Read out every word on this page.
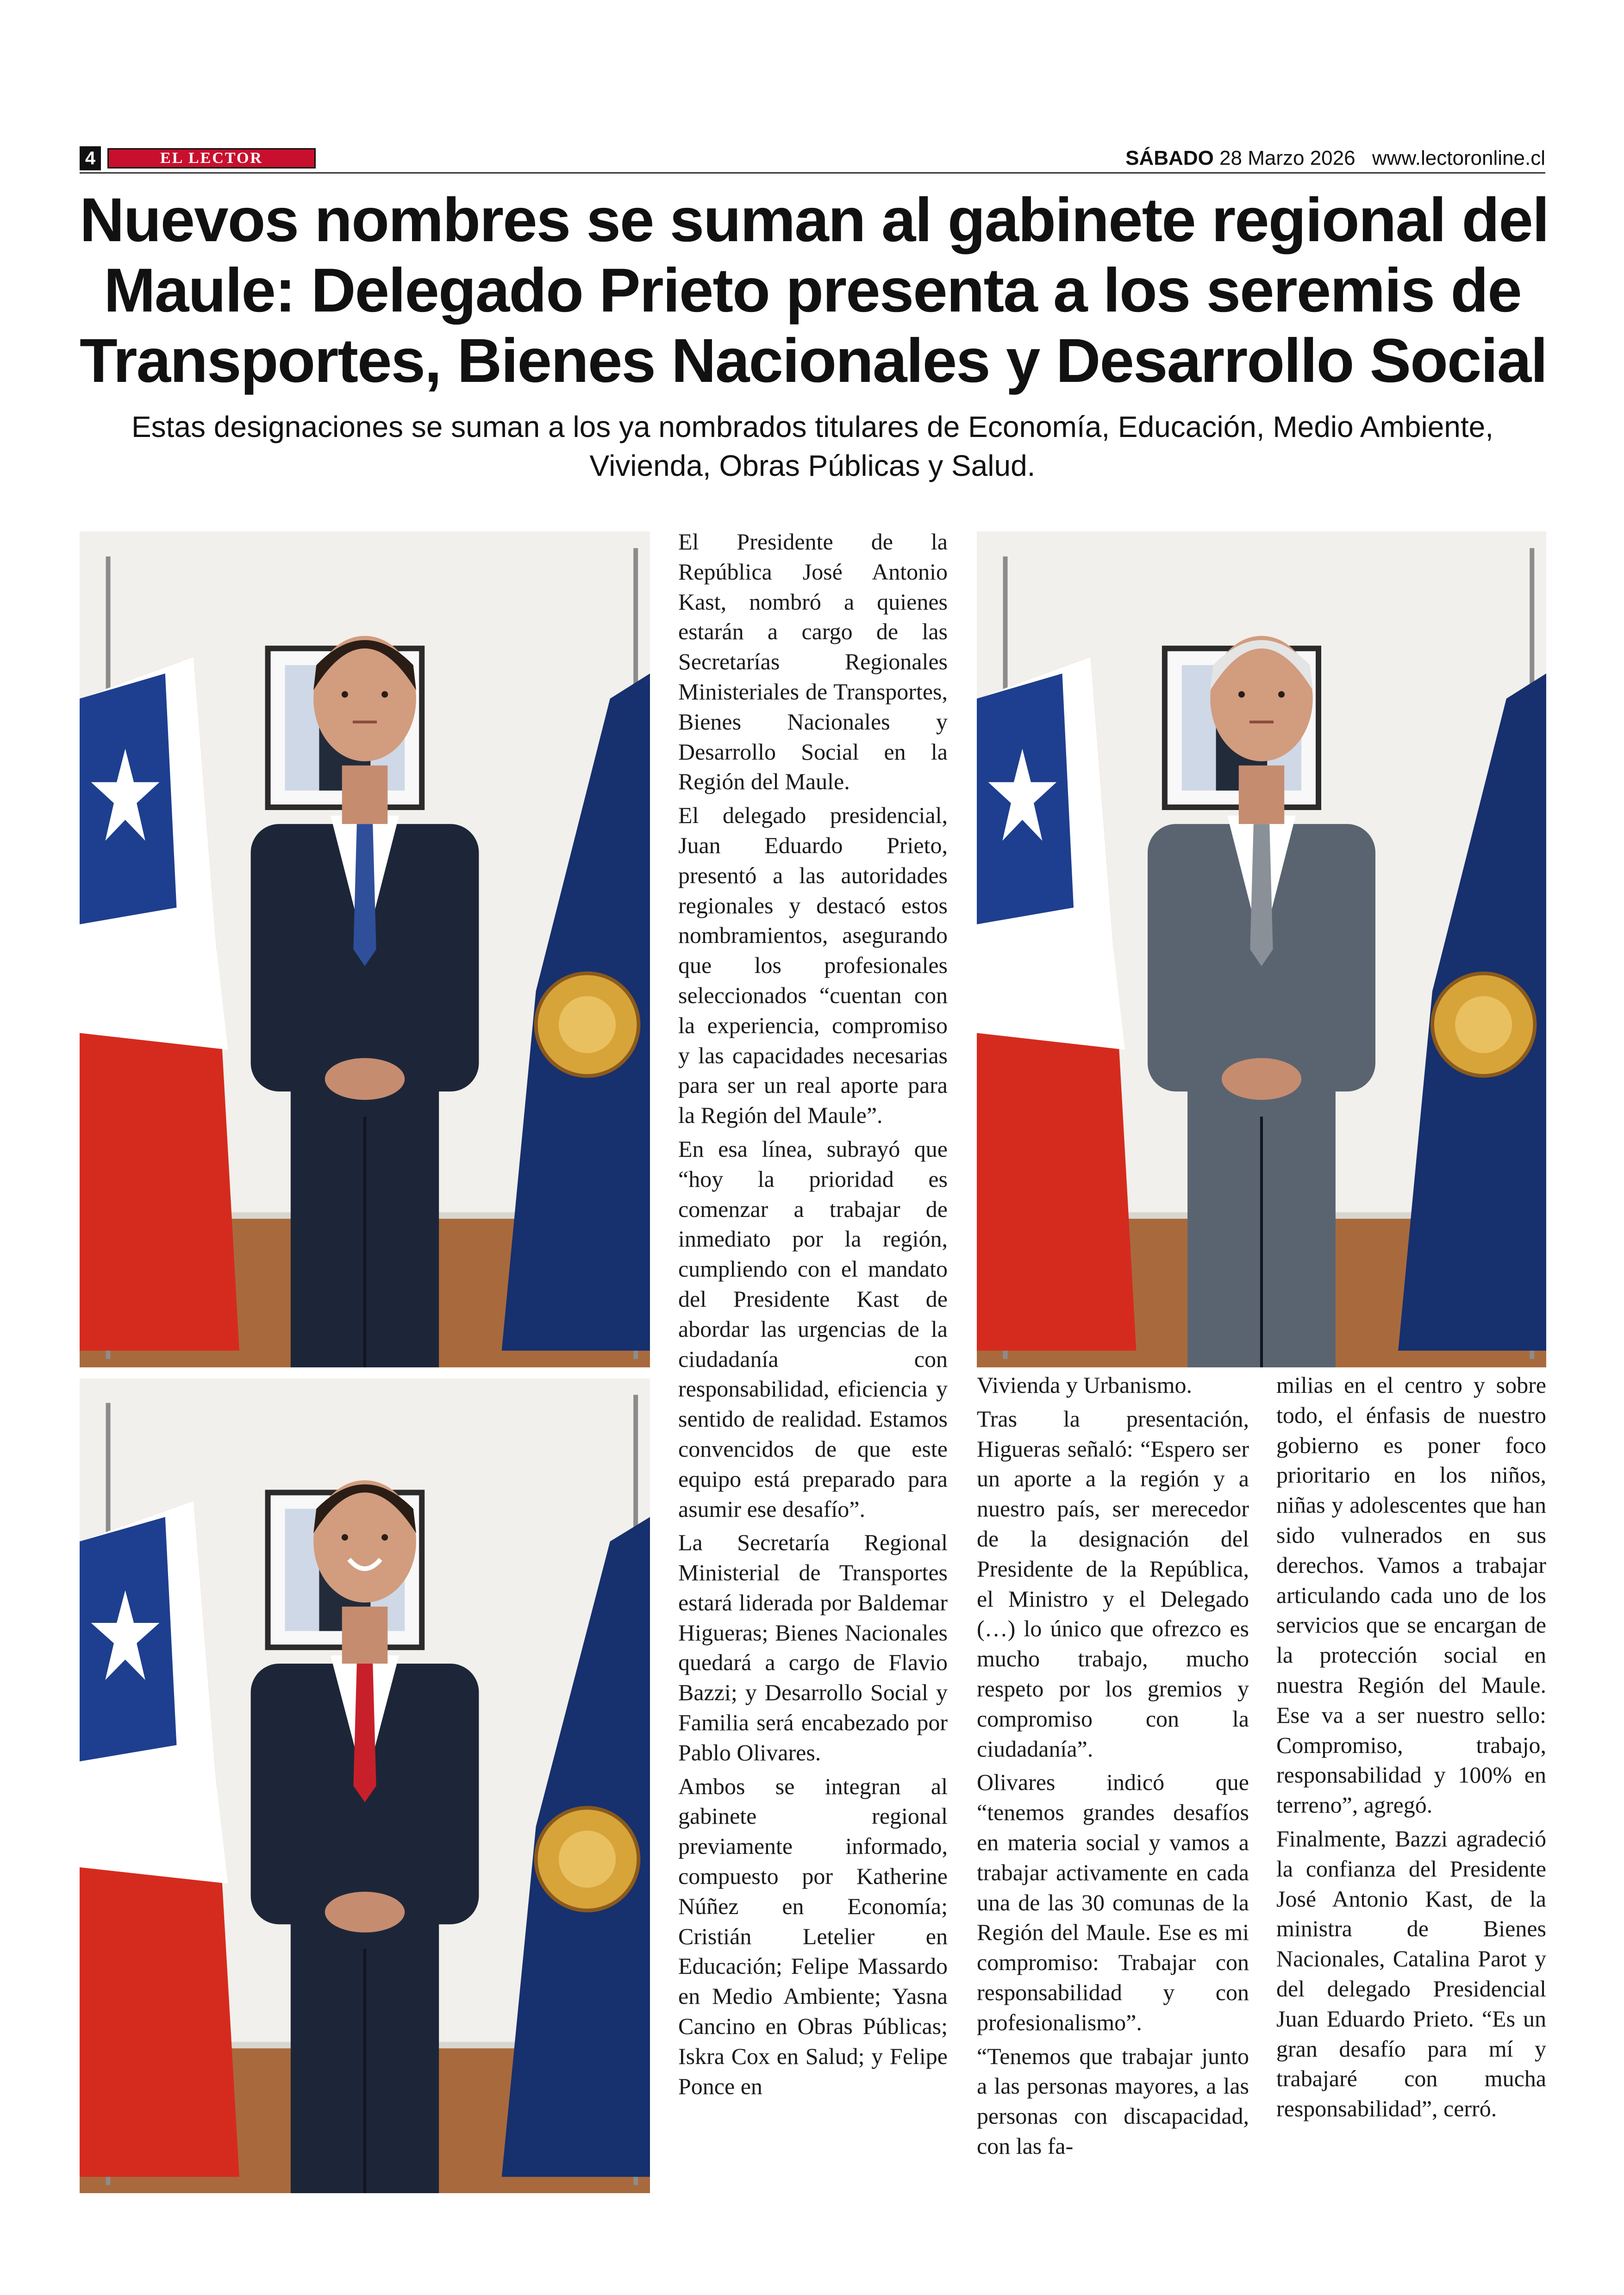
4	EL LECTOR	SÁBADO 28 Marzo 2026 www.lectoronline.cl
Nuevos nombres se suman al gabinete regional del
Maule: Delegado Prieto presenta a los seremis de
Transportes, Bienes Nacionales y Desarrollo Social
Estas designaciones se suman a los ya nombrados titulares de Economía, Educación, Medio Ambiente, Vivienda, Obras Públicas y Salud.

El Presidente de la República José Antonio Kast, nombró a quienes estarán a cargo de las Secretarías Regionales Ministeriales de Transportes, Bienes Nacionales y Desarrollo Social en la Región del Maule.

El delegado presidencial, Juan Eduardo Prieto, presentó a las autoridades regionales y destacó estos nombramientos, asegurando que los profesionales seleccionados “cuentan con la experiencia, compromiso y las capacidades necesarias para ser un real aporte para la Región del Maule”.

En esa línea, subrayó que “hoy la prioridad es comenzar a trabajar de inmediato por la región, cumpliendo con el mandato del Presidente Kast de abordar las urgencias de la ciudadanía con responsabilidad, eficiencia y sentido de realidad. Estamos convencidos de que este equipo está preparado para asumir ese desafío”.

La Secretaría Regional Ministerial de Transportes estará liderada por Baldemar Higueras; Bienes Nacionales quedará a cargo de Flavio Bazzi; y Desarrollo Social y Familia será encabezado por Pablo Olivares.

Ambos se integran al gabinete regional previamente informado, compuesto por Katherine Núñez en Economía; Cristián Letelier en Educación; Felipe Massardo en Medio Ambiente; Yasna Cancino en Obras Públicas; Iskra Cox en Salud; y Felipe Ponce en

Vivienda y Urbanismo.

Tras la presentación, Higueras señaló: “Espero ser un aporte a la región y a nuestro país, ser merecedor de la designación del Presidente de la República, el Ministro y el Delegado (…) lo único que ofrezco es mucho trabajo, mucho respeto por los gremios y compromiso con la ciudadanía”.

Olivares indicó que “tenemos grandes desafíos en materia social y vamos a trabajar activamente en cada una de las 30 comunas de la Región del Maule. Ese es mi compromiso: Trabajar con responsabilidad y con profesionalismo”.

“Tenemos que trabajar junto a las personas mayores, a las personas con discapacidad, con las fa-

milias en el centro y sobre todo, el énfasis de nuestro gobierno es poner foco prioritario en los niños, niñas y adolescentes que han sido vulnerados en sus derechos. Vamos a trabajar articulando cada uno de los servicios que se encargan de la protección social en nuestra Región del Maule. Ese va a ser nuestro sello: Compromiso, trabajo, responsabilidad y 100% en terreno”, agregó.

Finalmente, Bazzi agradeció la confianza del Presidente José Antonio Kast, de la ministra de Bienes Nacionales, Catalina Parot y del delegado Presidencial Juan Eduardo Prieto. “Es un gran desafío para mí y trabajaré con mucha responsabilidad”, cerró.
